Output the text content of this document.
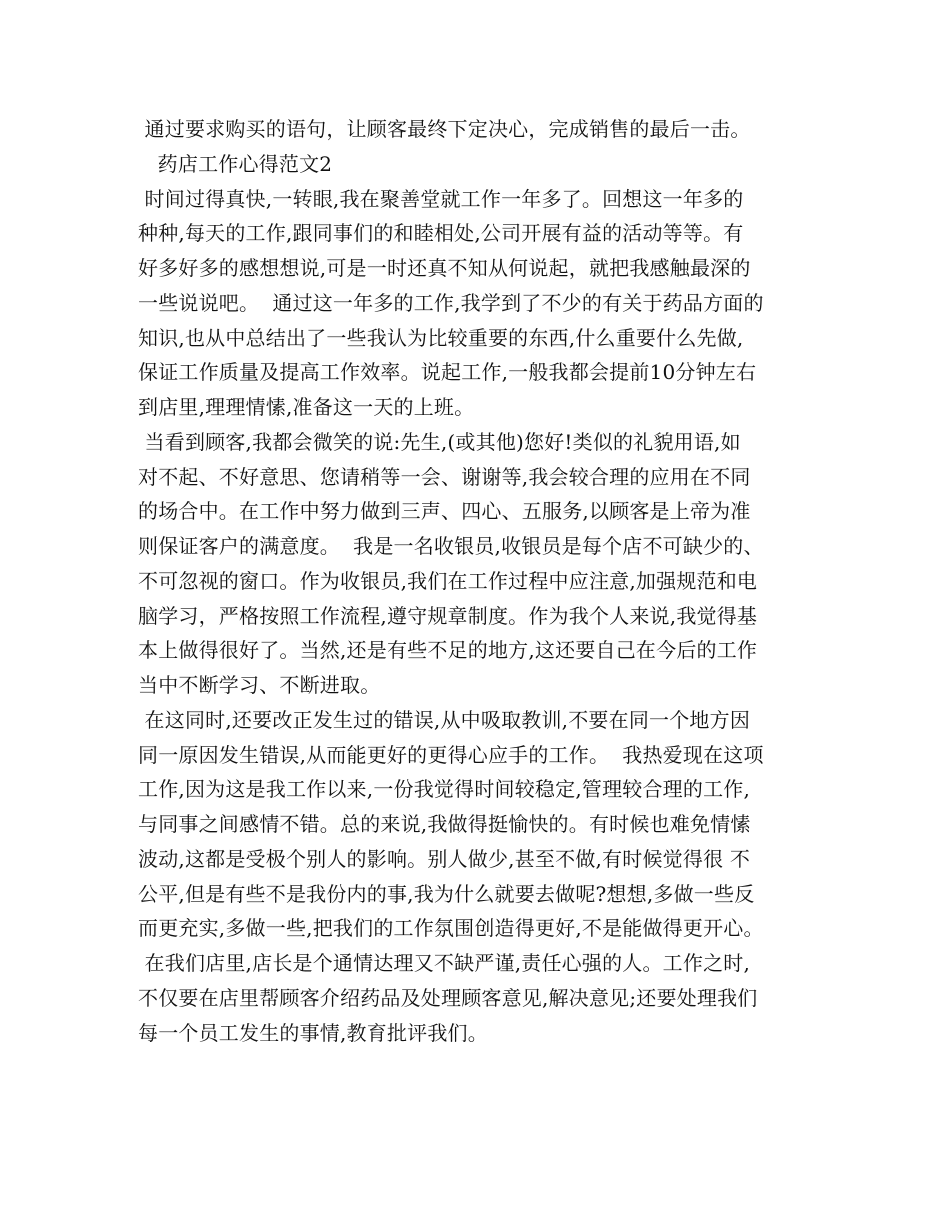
通过要求购买的语句，让顾客最终下定决心，完成销售的最后一击。
药店工作心得范文2
时间过得真快,一转眼,我在聚善堂就工作一年多了。回想这一年多的
种种,每天的工作,跟同事们的和睦相处,公司开展有益的活动等等。有
好多好多的感想想说,可是一时还真不知从何说起，就把我感触最深的
一些说说吧。  通过这一年多的工作,我学到了不少的有关于药品方面的
知识,也从中总结出了一些我认为比较重要的东西,什么重要什么先做,
保证工作质量及提高工作效率。说起工作,一般我都会提前10分钟左右
到店里,理理情愫,准备这一天的上班。
当看到顾客,我都会微笑的说:先生,(或其他)您好!类似的礼貌用语,如
对不起、不好意思、您请稍等一会、谢谢等,我会较合理的应用在不同
的场合中。在工作中努力做到三声、四心、五服务,以顾客是上帝为准
则保证客户的满意度。  我是一名收银员,收银员是每个店不可缺少的、
不可忽视的窗口。作为收银员,我们在工作过程中应注意,加强规范和电
脑学习，严格按照工作流程,遵守规章制度。作为我个人来说,我觉得基
本上做得很好了。当然,还是有些不足的地方,这还要自己在今后的工作
当中不断学习、不断进取。
在这同时,还要改正发生过的错误,从中吸取教训,不要在同一个地方因
同一原因发生错误,从而能更好的更得心应手的工作。  我热爱现在这项
工作,因为这是我工作以来,一份我觉得时间较稳定,管理较合理的工作,
与同事之间感情不错。总的来说,我做得挺愉快的。有时候也难免情愫
波动,这都是受极个别人的影响。别人做少,甚至不做,有时候觉得很 不
公平,但是有些不是我份内的事,我为什么就要去做呢?想想,多做一些反
而更充实,多做一些,把我们的工作氛围创造得更好,不是能做得更开心。
在我们店里,店长是个通情达理又不缺严谨,责任心强的人。工作之时,
不仅要在店里帮顾客介绍药品及处理顾客意见,解决意见;还要处理我们
每一个员工发生的事情,教育批评我们。
